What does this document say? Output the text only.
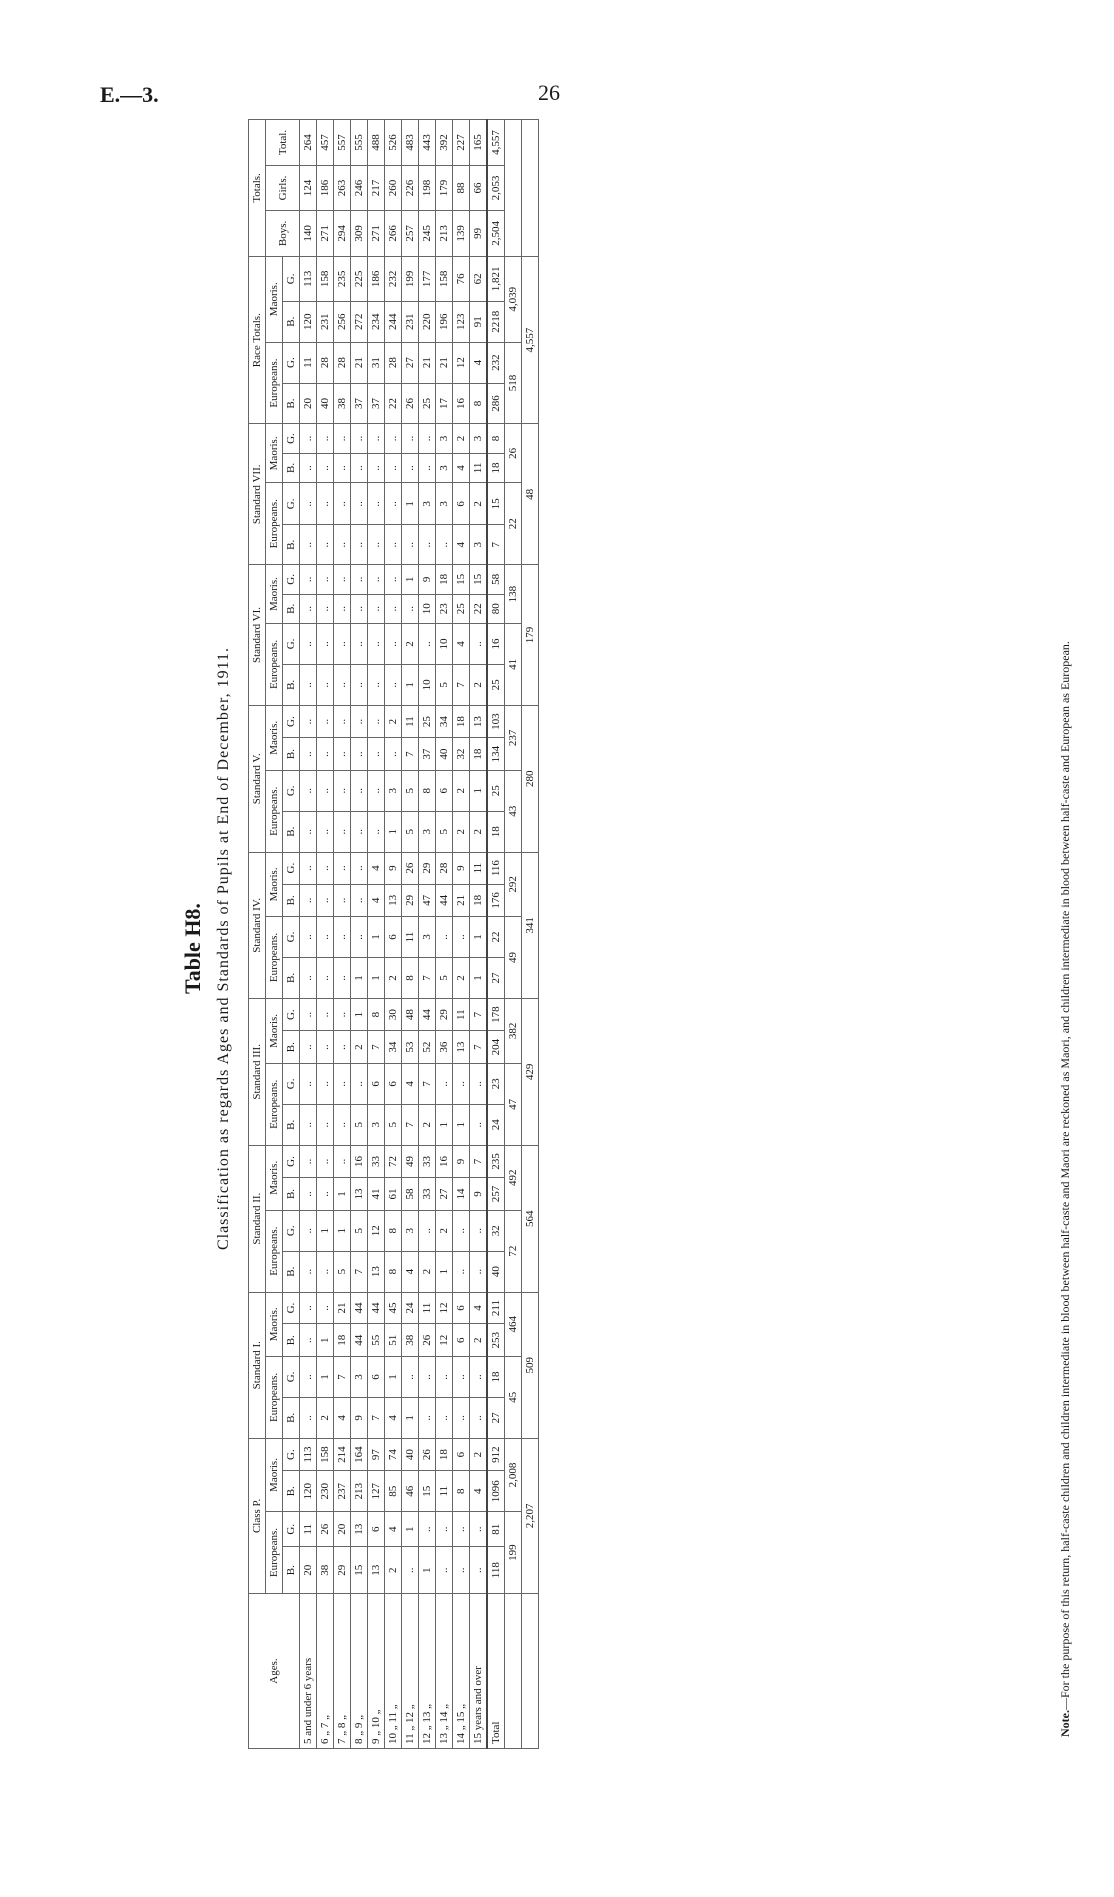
E.—3.	26
Table H8. Classification as regards Ages and Standards of Pupils at End of December, 1911.
Ages.	Class P.				Standard I.				Standard II.				Standard III.				Standard IV.				Standard V.				Standard VI.				Standard VII.				Race Totals.				Totals.		
	Europeans.		Maoris.		Europeans.		Maoris.		Europeans.		Maoris.		Europeans.		Maoris.		Europeans.		Maoris.		Europeans.		Maoris.		Europeans.		Maoris.		Europeans.		Maoris.		Europeans.		Maoris.		Boys.	Girls.	Total.
	B.	G.	B.	G.	B.	G.	B.	G.	B.	G.	B.	G.	B.	G.	B.	G.	B.	G.	B.	G.	B.	G.	B.	G.	B.	G.	B.	G.	B.	G.	B.	G.	B.	G.	B.	G.			
5 and under 6 years	20	11	120	113	..	..	..	..	..	..	..	..	..	..	..	..	..	..	..	..	..	..	..	..	..	..	..	..	..	..	..	..	20	11	120	113	140	124	264
6 „ 7 „	38	26	230	158	2	1	1	..	..	1	..	..	..	..	..	..	..	..	..	..	..	..	..	..	..	..	..	..	..	..	..	..	40	28	231	158	271	186	457
7 „ 8 „	29	20	237	214	4	7	18	21	5	1	1	..	..	..	..	..	..	..	..	..	..	..	..	..	..	..	..	..	..	..	..	..	38	28	256	235	294	263	557
8 „ 9 „	15	13	213	164	9	3	44	44	7	5	13	16	5	..	2	1	1	..	..	..	..	..	..	..	..	..	..	..	..	..	..	..	37	21	272	225	309	246	555
9 „ 10 „	13	6	127	97	7	6	55	44	13	12	41	33	3	6	7	8	1	1	4	4	..	..	..	..	..	..	..	..	..	..	..	..	37	31	234	186	271	217	488
10 „ 11 „	2	4	85	74	4	1	51	45	8	8	61	72	5	6	34	30	2	6	13	9	1	3	..	2	..	..	..	..	..	..	..	..	22	28	244	232	266	260	526
11 „ 12 „	..	1	46	40	1	..	38	24	4	3	58	49	7	4	53	48	8	11	29	26	5	5	7	11	1	2	..	1	..	1	..	..	26	27	231	199	257	226	483
12 „ 13 „	1	..	15	26	..	..	26	11	2	..	33	33	2	7	52	44	7	3	47	29	3	8	37	25	10	..	10	9	..	3	..	..	25	21	220	177	245	198	443
13 „ 14 „	..	..	11	18	..	..	12	12	1	2	27	16	1	..	36	29	5	..	44	28	5	6	40	34	5	10	23	18	..	3	3	3	17	21	196	158	213	179	392
14 „ 15 „	..	..	8	6	..	..	6	6	..	..	14	9	1	..	13	11	2	..	21	9	2	2	32	18	7	4	25	15	4	6	4	2	16	12	123	76	139	88	227
15 years and over	..	..	4	2	..	..	2	4	..	..	9	7	..	..	7	7	1	1	18	11	2	1	18	13	2	..	22	15	3	2	11	3	8	4	91	62	99	66	165
Total	118	81	1096	912	27	18	253	211	40	32	257	235	24	23	204	178	27	22	176	116	18	25	134	103	25	16	80	58	7	15	18	8	286	232	2218	1,821	2,504	2,053	4,557
	199		2,008		45		464		72		492		47		382		49		292		43		237		41		138		22		26		518		4,039				
	2,207				509				564				429				341				280				179				48				4,557						
Note.—For the purpose of this return, half-caste children and children intermediate in blood between half-caste and Maori are reckoned as Maori, and children intermediate in blood between half-caste and European as European.
